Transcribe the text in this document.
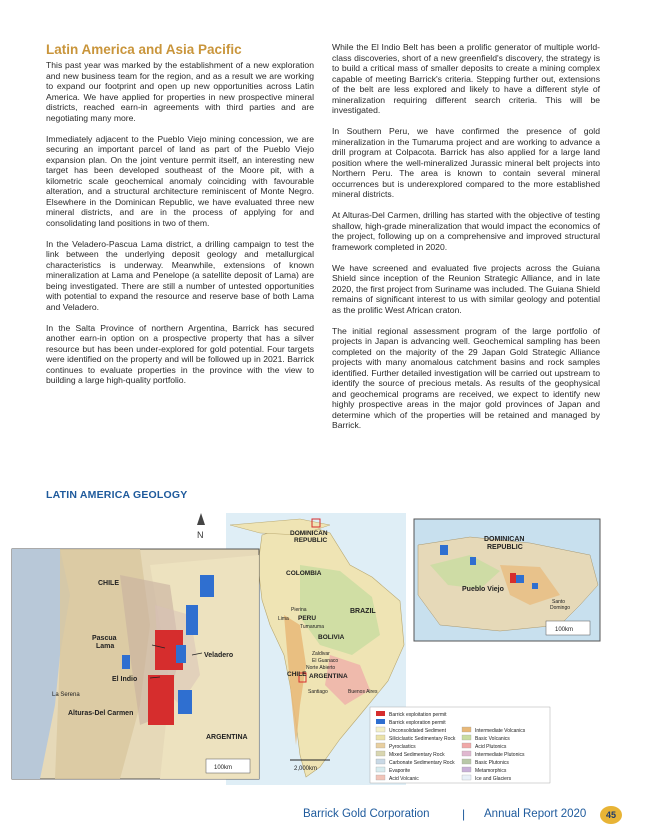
Latin America and Asia Pacific

This past year was marked by the establishment of a new exploration and new business team for the region, and as a result we are working to expand our footprint and open up new opportunities across Latin America. We have applied for properties in new prospective mineral districts, reached earn-in agreements with third parties and are negotiating many more.

Immediately adjacent to the Pueblo Viejo mining concession, we are securing an important parcel of land as part of the Pueblo Viejo expansion plan. On the joint venture permit itself, an interesting new target has been developed southeast of the Moore pit, with a kilometric scale geochemical anomaly coinciding with favourable alteration, and a structural architecture reminiscent of Monte Negro. Elsewhere in the Dominican Republic, we have evaluated three new mineral districts, and are in the process of applying for and consolidating land positions in two of them.

In the Veladero-Pascua Lama district, a drilling campaign to test the link between the underlying deposit geology and metallurgical characteristics is underway. Meanwhile, extensions of known mineralization at Lama and Penelope (a satellite deposit of Lama) are being investigated. There are still a number of untested opportunities with potential to expand the resource and reserve base of both Lama and Veladero.

In the Salta Province of northern Argentina, Barrick has secured another earn-in option on a prospective property that has a silver resource but has been under-explored for gold potential. Four targets were identified on the property and will be followed up in 2021. Barrick continues to evaluate properties in the province with the view to building a large high-quality portfolio.

While the El Indio Belt has been a prolific generator of multiple world-class discoveries, short of a new greenfield's discovery, the strategy is to build a critical mass of smaller deposits to create a mining complex capable of meeting Barrick's criteria. Stepping further out, extensions of the belt are less explored and likely to have a different style of mineralization requiring different search criteria. This will be investigated.

In Southern Peru, we have confirmed the presence of gold mineralization in the Tumaruma project and are working to advance a drill program at Colpacota. Barrick has also applied for a large land position where the well-mineralized Jurassic mineral belt projects into Northern Peru. The area is known to contain several mineral occurrences but is underexplored compared to the more established mineral districts.

At Alturas-Del Carmen, drilling has started with the objective of testing shallow, high-grade mineralization that would impact the economics of the project, following up on a comprehensive and improved structural framework completed in 2020.

We have screened and evaluated five projects across the Guiana Shield since inception of the Reunion Strategic Alliance, and in late 2020, the first project from Suriname was included. The Guiana Shield remains of significant interest to us with similar geology and potential as the prolific West African craton.

The initial regional assessment program of the large portfolio of projects in Japan is advancing well. Geochemical sampling has been completed on the majority of the 29 Japan Gold Strategic Alliance projects with many anomalous catchment basins and rock samples identified. Further detailed investigation will be carried out upstream to identify the source of precious metals. As results of the geophysical and geochemical programs are received, we expect to identify new highly prospective areas in the major gold provinces of Japan and determine which of the properties will be retained and managed by Barrick.

LATIN AMERICA GEOLOGY
N	DOMINICAN
REPUBLIC
COLOMBIA
BRAZIL
Pierina
PERU
Lima
Tumaruma
BOLIVIA
Zaldivar
El Guanaco
Norte Abierto
CHILE ARGENTINA
Santiago	Buenos Aires
2,000km
CHILE
Pascua
Lama
Veladero
El Indio
La Serena
Alturas-Del Carmen
ARGENTINA
100km
DOMINICAN
REPUBLIC
Pueblo Viejo
Santo
Domingo
100km
Barrick exploitation permit
Barrick exploration permit
Unconsolidated Sediment
Siliciclastic Sedimentary Rock
Pyroclastics
Mixed Sedimentary Rock
Carbonate Sedimentary Rock
Evaporite
Acid Volcanic
Intermediate Volcanics
Basic Volcanics
Acid Plutonics
Intermediate Plutonics
Basic Plutonics
Metamorphics
Ice and Glaciers
Barrick Gold Corporation	| Annual Report 2020	45
